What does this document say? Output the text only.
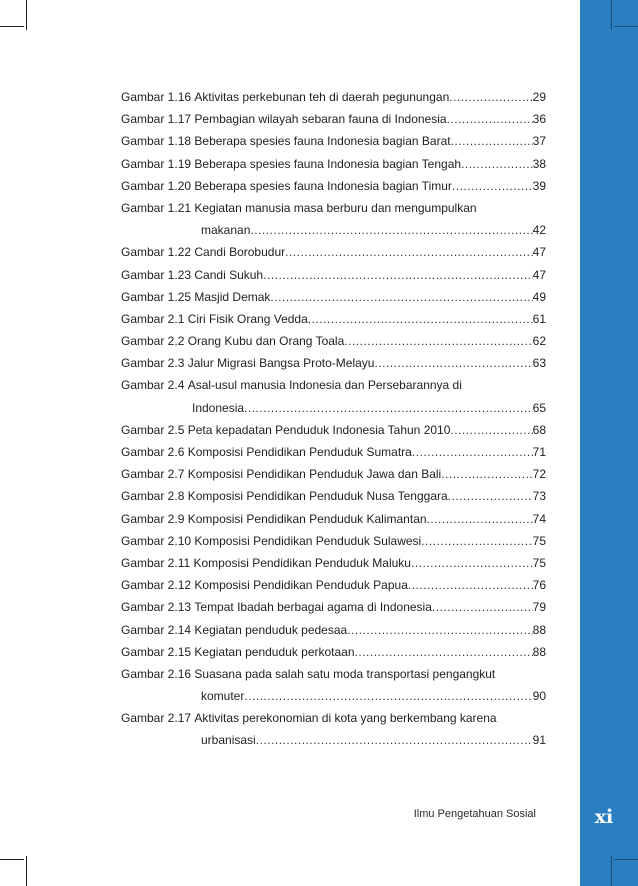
xi
Ilmu Pengetahuan Sosial
Gambar 1.16
Aktivitas perkebunan teh di daerah pegunungan .....	29
Gambar 1.17
Pembagian wilayah sebaran fauna di Indonesia .....	36
Gambar 1.18
Beberapa spesies fauna Indonesia bagian Barat .....	37
Gambar 1.19
Beberapa spesies fauna Indonesia bagian Tengah .....	38
Gambar 1.20
Beberapa spesies fauna Indonesia bagian Timur .....	39
Gambar 1.21
Kegiatan manusia masa berburu dan mengumpulkan
makanan .....	42
Gambar 1.22
Candi Borobudur .....	47
Gambar 1.23
Candi Sukuh .....	47
Gambar 1.25
Masjid Demak .....	49
Gambar 2.1
Ciri Fisik Orang Vedda .....	61
Gambar 2.2
Orang Kubu dan Orang Toala .....	62
Gambar 2.3
Jalur Migrasi Bangsa Proto-Melayu .....	63
Gambar 2.4
Asal-usul manusia Indonesia dan Persebarannya di
Indonesia .....	65
Gambar 2.5
Peta kepadatan Penduduk Indonesia Tahun 2010 .....	68
Gambar 2.6
Komposisi Pendidikan Penduduk Sumatra .....	71
Gambar 2.7
Komposisi Pendidikan Penduduk Jawa dan Bali .....	72
Gambar 2.8
Komposisi Pendidikan Penduduk Nusa Tenggara .....	73
Gambar 2.9
Komposisi Pendidikan Penduduk Kalimantan .....	74
Gambar 2.10
Komposisi Pendidikan Penduduk Sulawesi .....	75
Gambar 2.11
Komposisi Pendidikan Penduduk Maluku .....	75
Gambar 2.12
Komposisi Pendidikan Penduduk Papua .....	76
Gambar 2.13
Tempat Ibadah berbagai agama di Indonesia .....	79
Gambar 2.14
Kegiatan penduduk pedesaa .....	88
Gambar 2.15
Kegiatan penduduk perkotaan .....	88
Gambar 2.16
Suasana pada salah satu moda transportasi pengangkut
komuter .....	90
Gambar 2.17
Aktivitas perekonomian di kota yang berkembang karena
urbanisasi .....	91
